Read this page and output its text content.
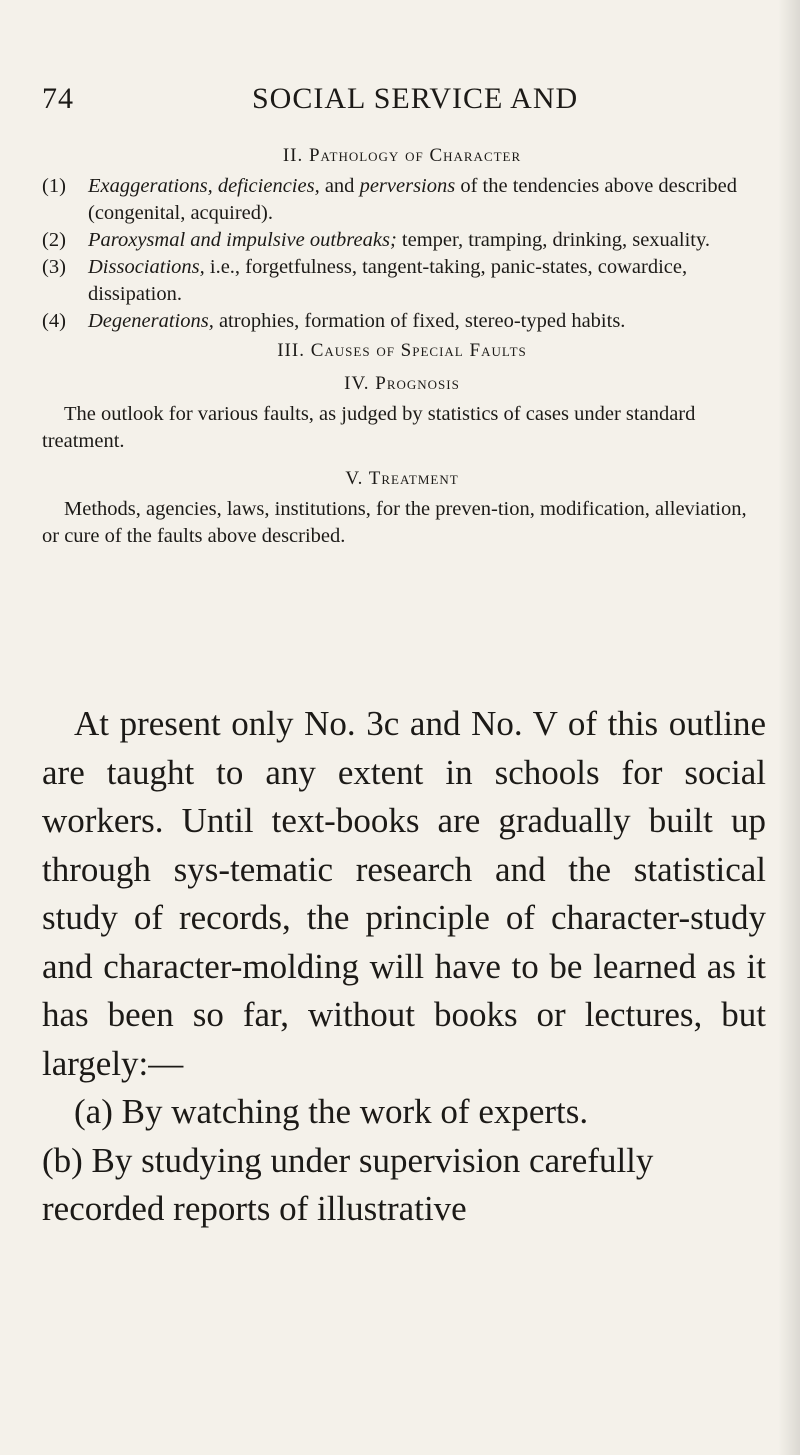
74	SOCIAL SERVICE AND
II. Pathology of Character
(1) Exaggerations, deficiencies, and perversions of the tendencies above described (congenital, acquired).
(2) Paroxysmal and impulsive outbreaks; temper, tramping, drinking, sexuality.
(3) Dissociations, i.e., forgetfulness, tangent-taking, panic-states, cowardice, dissipation.
(4) Degenerations, atrophies, formation of fixed, stereo-typed habits.
III. Causes of Special Faults
IV. Prognosis

The outlook for various faults, as judged by statistics of cases under standard treatment.

V. Treatment

Methods, agencies, laws, institutions, for the preven-tion, modification, alleviation, or cure of the faults above described.

At present only No. 3c and No. V of this outline are taught to any extent in schools for social workers. Until text-books are gradually built up through sys-tematic research and the statistical study of records, the principle of character-study and character-molding will have to be learned as it has been so far, without books or lectures, but largely:—

(a) By watching the work of experts.
(b) By studying under supervision carefully recorded reports of illustrative
